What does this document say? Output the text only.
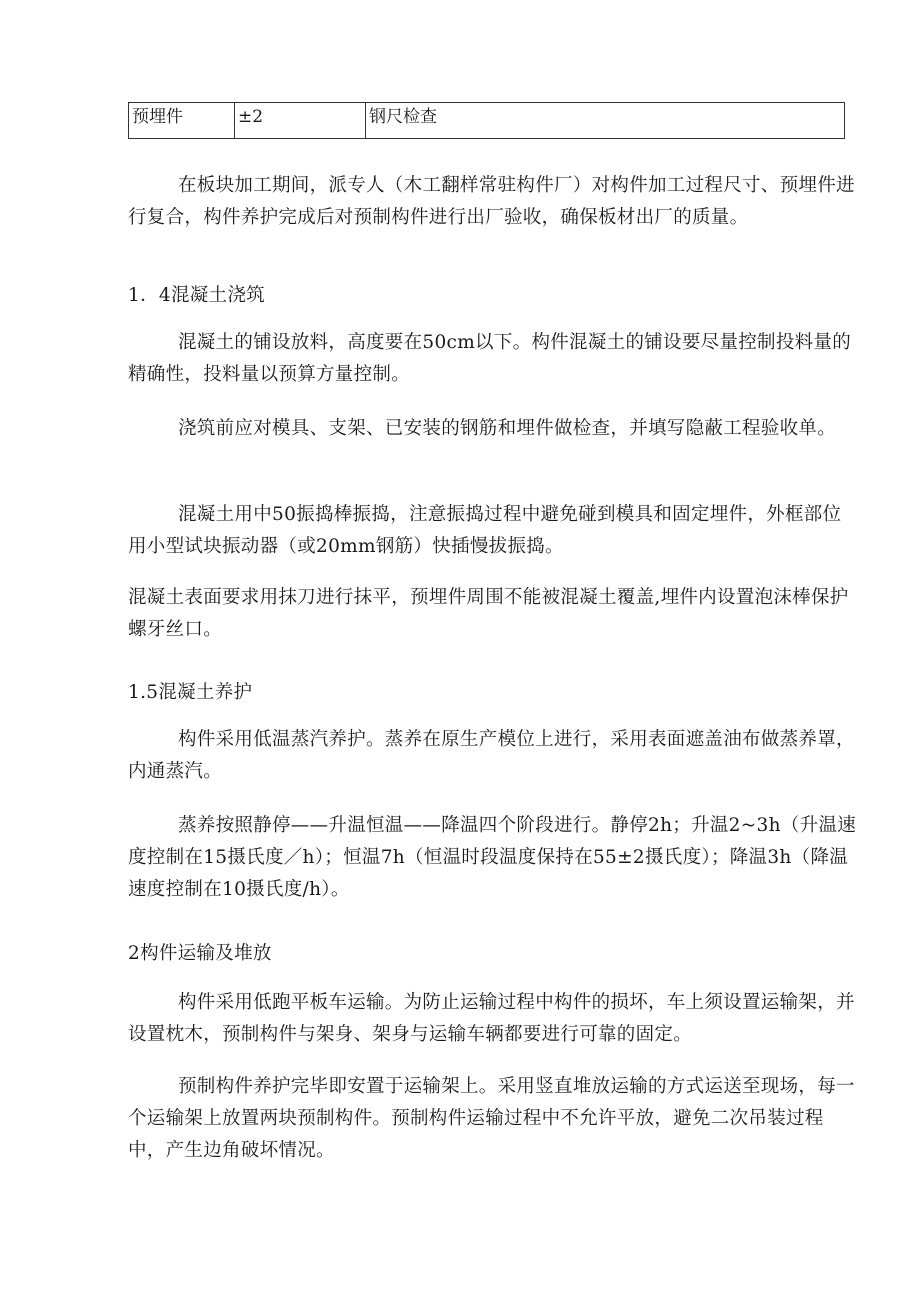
预埋件	±2	钢尺检查

在板块加工期间，派专人（木工翻样常驻构件厂）对构件加工过程尺寸、预埋件进行复合，构件养护完成后对预制构件进行出厂验收，确保板材出厂的质量。

1．4混凝土浇筑

混凝土的铺设放料，高度要在50cm以下。构件混凝土的铺设要尽量控制投料量的精确性，投料量以预算方量控制。

浇筑前应对模具、支架、已安装的钢筋和埋件做检查，并填写隐蔽工程验收单。

混凝土用中50振捣棒振捣，注意振捣过程中避免碰到模具和固定埋件，外框部位用小型试块振动器（或20mm钢筋）快插慢拔振捣。

混凝土表面要求用抹刀进行抹平，预埋件周围不能被混凝土覆盖,埋件内设置泡沫棒保护螺牙丝口。

1.5混凝土养护

构件采用低温蒸汽养护。蒸养在原生产模位上进行，采用表面遮盖油布做蒸养罩，内通蒸汽。

蒸养按照静停——升温恒温——降温四个阶段进行。静停2h；升温2~3h（升温速度控制在15摄氏度／h）；恒温7h（恒温时段温度保持在55±2摄氏度）；降温3h（降温速度控制在10摄氏度/h）。

2构件运输及堆放

构件采用低跑平板车运输。为防止运输过程中构件的损坏，车上须设置运输架，并设置枕木，预制构件与架身、架身与运输车辆都要进行可靠的固定。

预制构件养护完毕即安置于运输架上。采用竖直堆放运输的方式运送至现场，每一个运输架上放置两块预制构件。预制构件运输过程中不允许平放，避免二次吊装过程中，产生边角破坏情况。
